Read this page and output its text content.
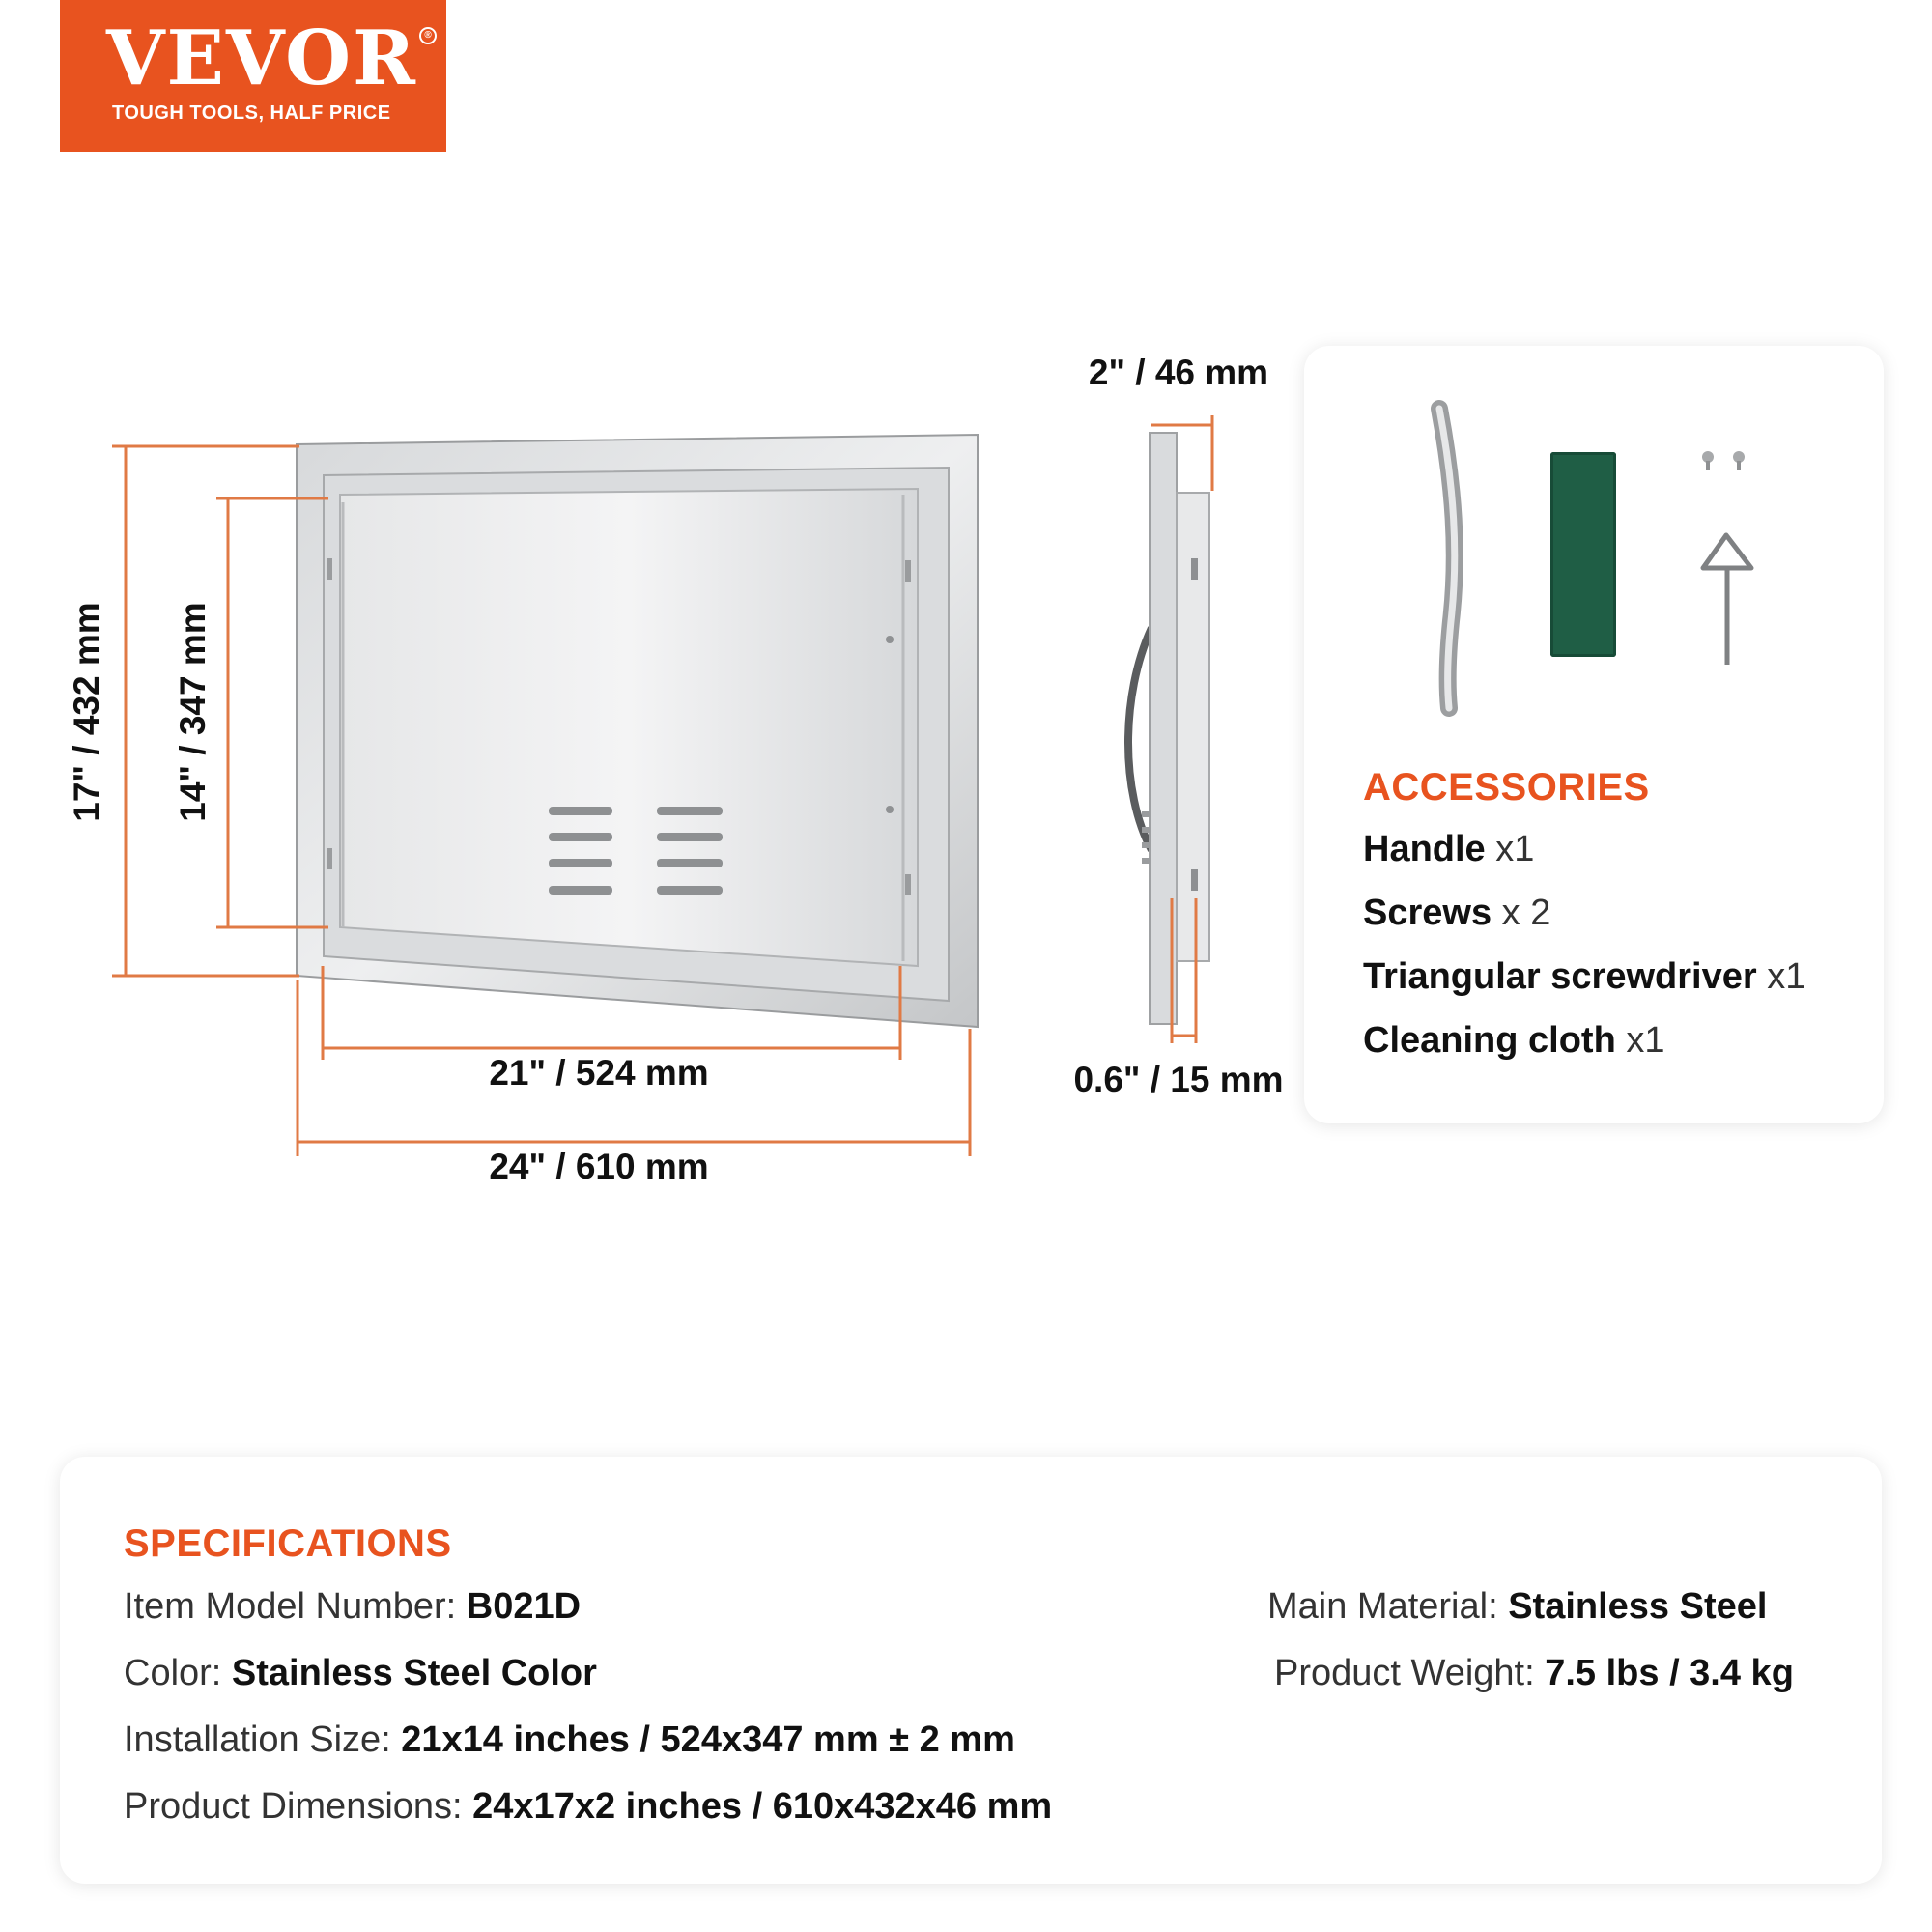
VEVOR ®
TOUGH TOOLS, HALF PRICE
17" / 432 mm 14" / 347 mm
21" / 524 mm
24" / 610 mm
2" / 46 mm
0.6" / 15 mm
ACCESSORIES
Handle x1
Screws x 2
Triangular screwdriver x1
Cleaning cloth x1
SPECIFICATIONS
Item Model Number: B021D
Color: Stainless Steel Color
Installation Size: 21x14 inches / 524x347 mm ± 2 mm
Product Dimensions: 24x17x2 inches / 610x432x46 mm
Main Material: Stainless Steel
Product Weight: 7.5 lbs / 3.4 kg
